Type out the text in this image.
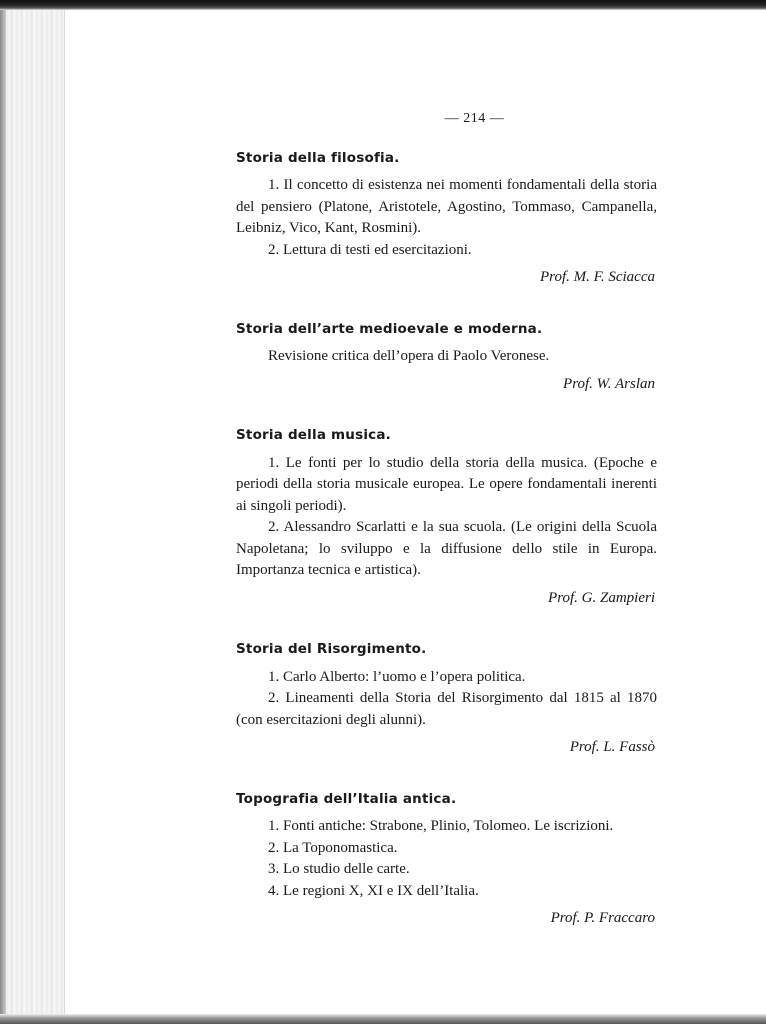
— 214 —
Storia della filosofia.

1. Il concetto di esistenza nei momenti fondamentali della storia del pensiero (Platone, Aristotele, Agostino, Tommaso, Campanella, Leibniz, Vico, Kant, Rosmini).

2. Lettura di testi ed esercitazioni.

Prof. M. F. Sciacca
Storia dell’arte medioevale e moderna.

Revisione critica dell’opera di Paolo Veronese.

Prof. W. Arslan
Storia della musica.

1. Le fonti per lo studio della storia della musica. (Epoche e periodi della storia musicale europea. Le opere fondamentali inerenti ai singoli periodi).

2. Alessandro Scarlatti e la sua scuola. (Le origini della Scuola Napoletana; lo sviluppo e la diffusione dello stile in Europa. Importanza tecnica e artistica).

Prof. G. Zampieri
Storia del Risorgimento.

1. Carlo Alberto: l’uomo e l’opera politica.

2. Lineamenti della Storia del Risorgimento dal 1815 al 1870 (con esercitazioni degli alunni).

Prof. L. Fassò
Topografia dell’Italia antica.

1. Fonti antiche: Strabone, Plinio, Tolomeo. Le iscrizioni.

2. La Toponomastica.

3. Lo studio delle carte.

4. Le regioni X, XI e IX dell’Italia.

Prof. P. Fraccaro
